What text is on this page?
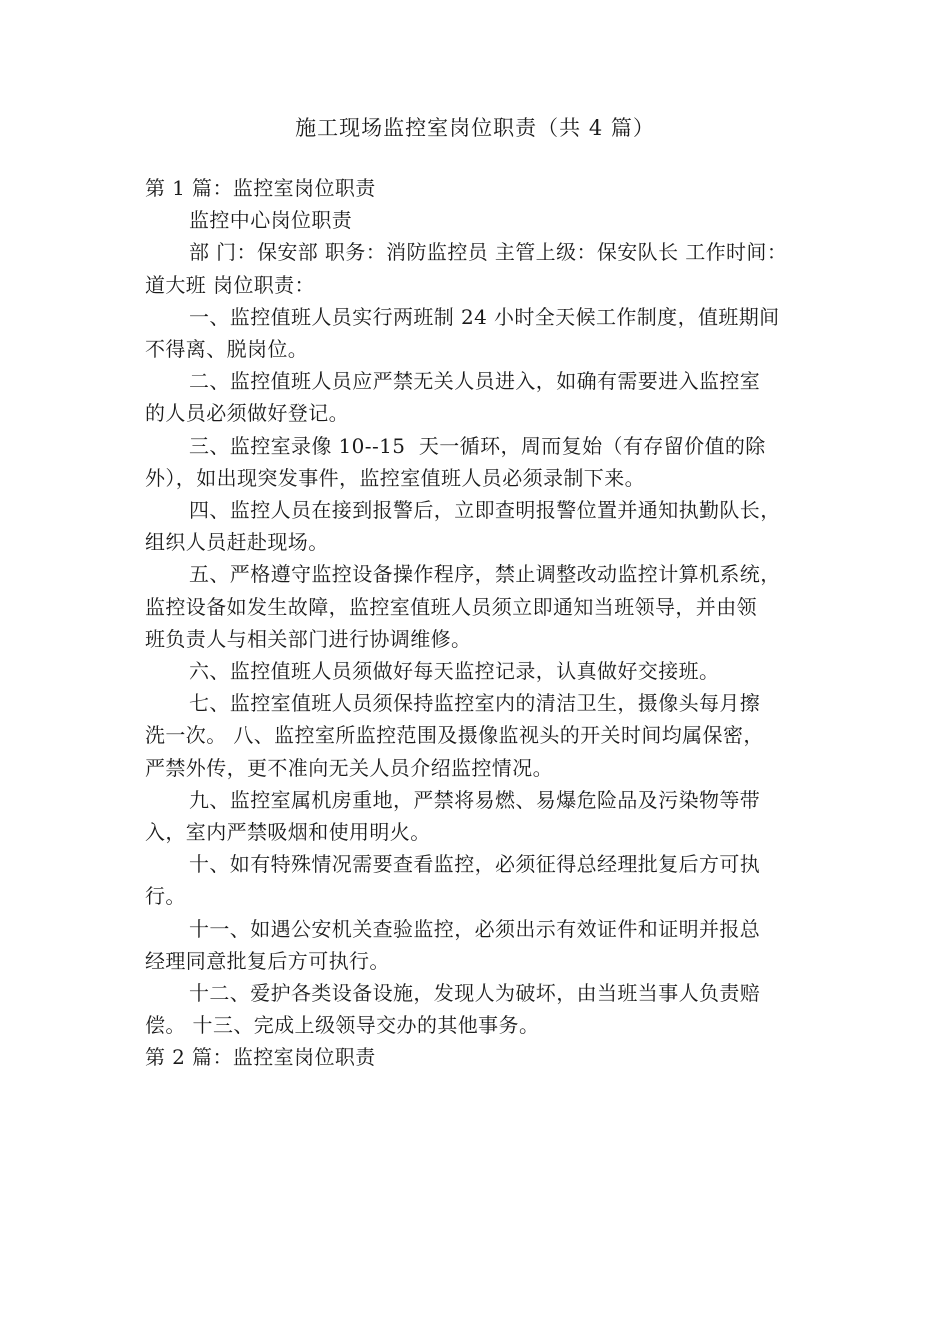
施工现场监控室岗位职责（共 4 篇）

第 1 篇：监控室岗位职责

监控中心岗位职责

部 门：保安部 职务：消防监控员 主管上级：保安队长 工作时间：

道大班 岗位职责：

一、监控值班人员实行两班制 24 小时全天候工作制度，值班期间

不得离、脱岗位。

二、监控值班人员应严禁无关人员进入，如确有需要进入监控室

的人员必须做好登记。

三、监控室录像 10--15  天一循环，周而复始（有存留价值的除

外），如出现突发事件，监控室值班人员必须录制下来。

四、监控人员在接到报警后，立即查明报警位置并通知执勤队长，

组织人员赶赴现场。

五、严格遵守监控设备操作程序，禁止调整改动监控计算机系统，

监控设备如发生故障，监控室值班人员须立即通知当班领导，并由领

班负责人与相关部门进行协调维修。

六、监控值班人员须做好每天监控记录，认真做好交接班。

七、监控室值班人员须保持监控室内的清洁卫生，摄像头每月擦

洗一次。 八、监控室所监控范围及摄像监视头的开关时间均属保密，

严禁外传，更不准向无关人员介绍监控情况。

九、监控室属机房重地，严禁将易燃、易爆危险品及污染物等带

入，室内严禁吸烟和使用明火。

十、如有特殊情况需要查看监控，必须征得总经理批复后方可执

行。

十一、如遇公安机关查验监控，必须出示有效证件和证明并报总

经理同意批复后方可执行。

十二、爱护各类设备设施，发现人为破坏，由当班当事人负责赔

偿。 十三、完成上级领导交办的其他事务。

第 2 篇：监控室岗位职责
